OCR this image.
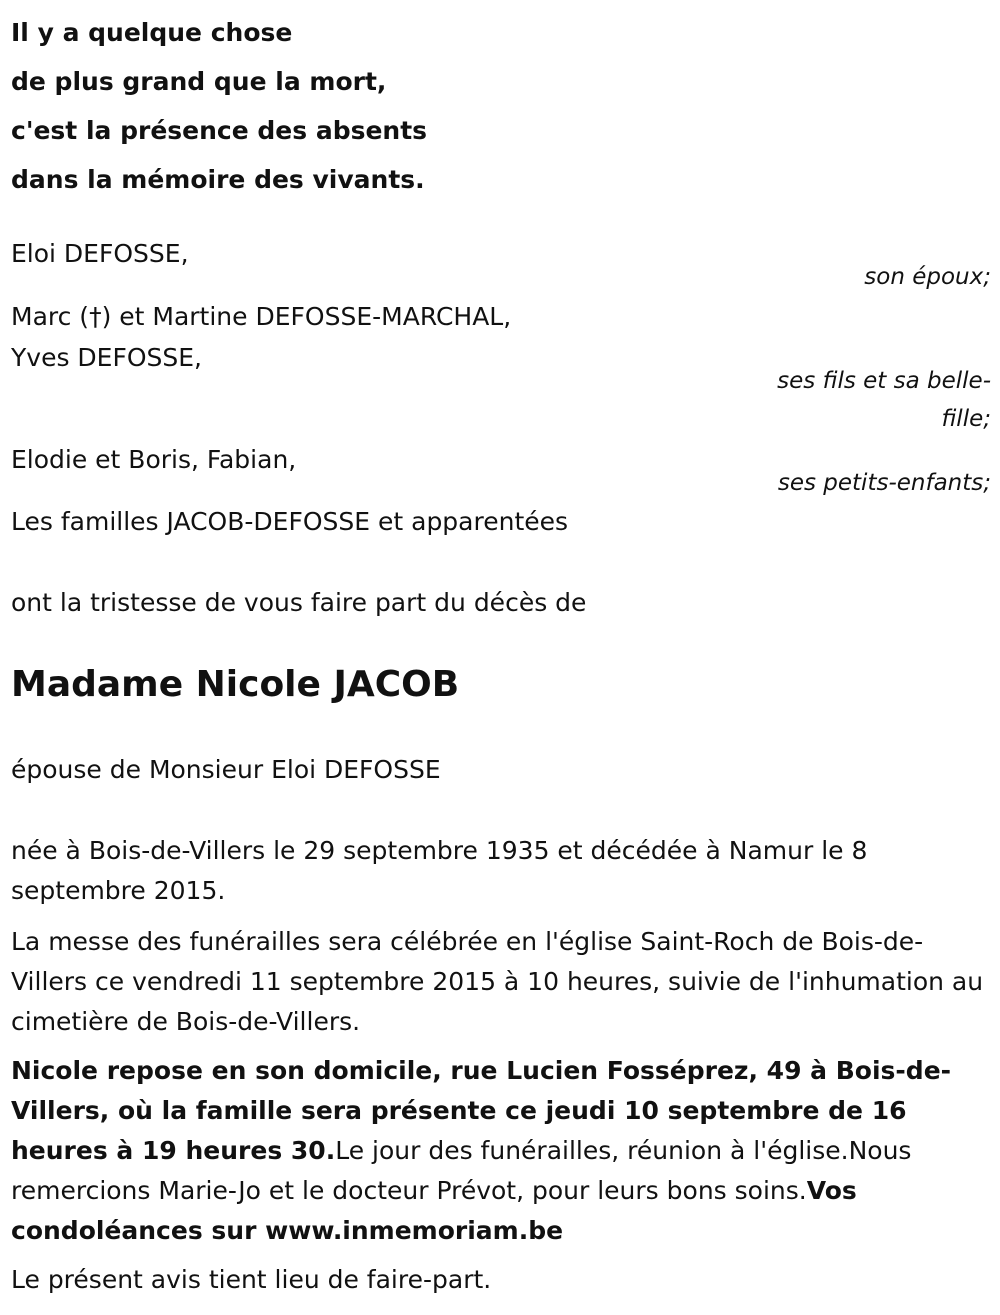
Il y a quelque chose
de plus grand que la mort,
c'est la présence des absents
dans la mémoire des vivants.
Eloi DEFOSSE,
son époux;
Marc (†) et Martine DEFOSSE-MARCHAL,
Yves DEFOSSE,
ses fils et sa belle-
fille;
Elodie et Boris, Fabian,
ses petits-enfants;
Les familles JACOB-DEFOSSE et apparentées
ont la tristesse de vous faire part du décès de
Madame Nicole JACOB
épouse de Monsieur Eloi DEFOSSE
née à Bois-de-Villers le 29 septembre 1935 et décédée à Namur le 8 septembre 2015.
La messe des funérailles sera célébrée en l'église Saint-Roch de Bois-de-Villers ce vendredi 11 septembre 2015 à 10 heures, suivie de l'inhumation au cimetière de Bois-de-Villers.
Nicole repose en son domicile, rue Lucien Fosséprez, 49 à Bois-de-Villers, où la famille sera présente ce jeudi 10 septembre de 16 heures à 19 heures 30.Le jour des funérailles, réunion à l'église.Nous remercions Marie-Jo et le docteur Prévot, pour leurs bons soins.Vos condoléances sur www.inmemoriam.be
Le présent avis tient lieu de faire-part.
